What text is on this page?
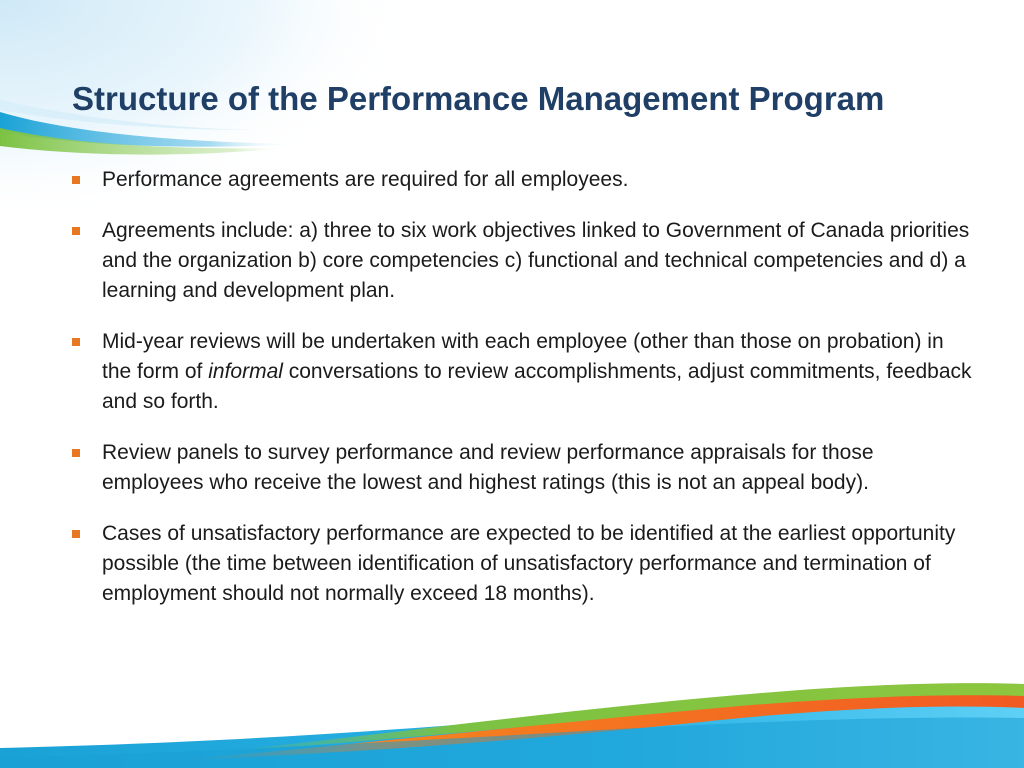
Structure of the Performance Management Program
Performance agreements are required for all employees.
Agreements include: a) three to six work objectives linked to Government of Canada priorities and the organization b) core competencies c) functional and technical competencies and d) a learning and development plan.
Mid-year reviews will be undertaken with each employee (other than those on probation) in the form of informal conversations to review accomplishments, adjust commitments, feedback and so forth.
Review panels to survey performance and review performance appraisals for those employees who receive the lowest and highest ratings (this is not an appeal body).
Cases of unsatisfactory performance are expected to be identified at the earliest opportunity possible (the time between identification of unsatisfactory performance and termination of employment should not normally exceed 18 months).
